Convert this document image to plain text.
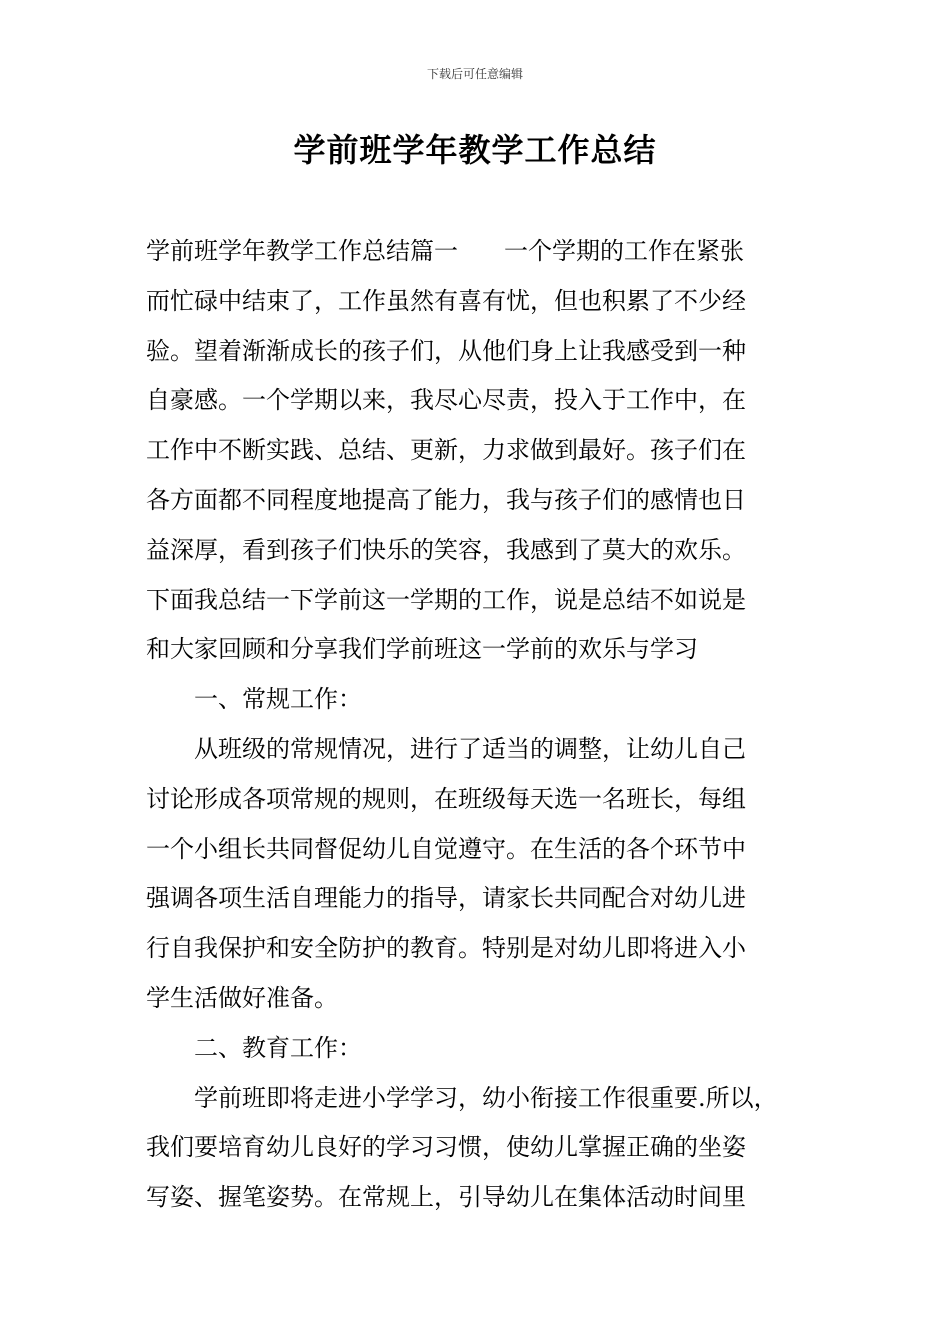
下载后可任意编辑
学前班学年教学工作总结
学前班学年教学工作总结篇一 一个学期的工作在紧张
而忙碌中结束了，工作虽然有喜有忧，但也积累了不少经
验。望着渐渐成长的孩子们，从他们身上让我感受到一种
自豪感。一个学期以来，我尽心尽责，投入于工作中，在
工作中不断实践、总结、更新，力求做到最好。孩子们在
各方面都不同程度地提高了能力，我与孩子们的感情也日
益深厚，看到孩子们快乐的笑容，我感到了莫大的欢乐。
下面我总结一下学前这一学期的工作，说是总结不如说是
和大家回顾和分享我们学前班这一学前的欢乐与学习
一、常规工作：
从班级的常规情况，进行了适当的调整，让幼儿自己
讨论形成各项常规的规则，在班级每天选一名班长，每组
一个小组长共同督促幼儿自觉遵守。在生活的各个环节中
强调各项生活自理能力的指导，请家长共同配合对幼儿进
行自我保护和安全防护的教育。特别是对幼儿即将进入小
学生活做好准备。
二、教育工作：
学前班即将走进小学学习，幼小衔接工作很重要.所以，
我们要培育幼儿良好的学习习惯，使幼儿掌握正确的坐姿
写姿、握笔姿势。在常规上，引导幼儿在集体活动时间里
